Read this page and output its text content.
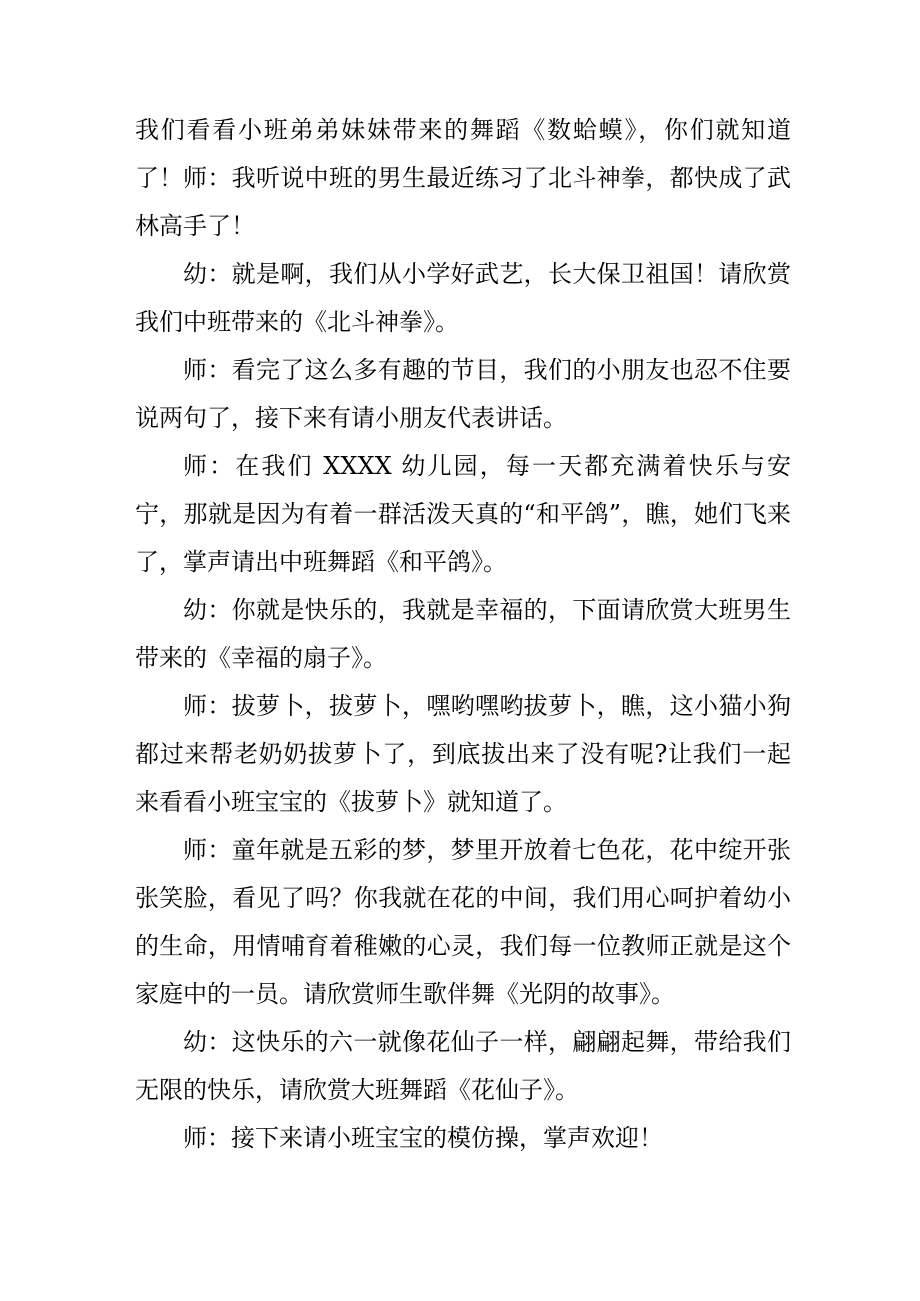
我们看看小班弟弟妹妹带来的舞蹈《数蛤蟆》，你们就知道了！ 师：我听说中班的男生最近练习了北斗神拳，都快成了武林高手了！

幼：就是啊，我们从小学好武艺，长大保卫祖国！请欣赏我们中班带来的《北斗神拳》。

师：看完了这么多有趣的节目，我们的小朋友也忍不住要说两句了，接下来有请小朋友代表讲话。

师：在我们 XXXX 幼儿园，每一天都充满着快乐与安宁，那就是因为有着一群活泼天真的“和平鸽”，瞧，她们飞来了，掌声请出中班舞蹈《和平鸽》。

幼：你就是快乐的，我就是幸福的，下面请欣赏大班男生带来的《幸福的扇子》。

师：拔萝卜，拔萝卜，嘿哟嘿哟拔萝卜，瞧，这小猫小狗都过来帮老奶奶拔萝卜了，到底拔出来了没有呢?让我们一起来看看小班宝宝的《拔萝卜》就知道了。

师：童年就是五彩的梦，梦里开放着七色花，花中绽开张张笑脸，看见了吗？你我就在花的中间，我们用心呵护着幼小的生命，用情哺育着稚嫩的心灵，我们每一位教师正就是这个家庭中的一员。请欣赏师生歌伴舞《光阴的故事》。

幼：这快乐的六一就像花仙子一样，翩翩起舞，带给我们无限的快乐，请欣赏大班舞蹈《花仙子》。

师：接下来请小班宝宝的模仿操，掌声欢迎！
